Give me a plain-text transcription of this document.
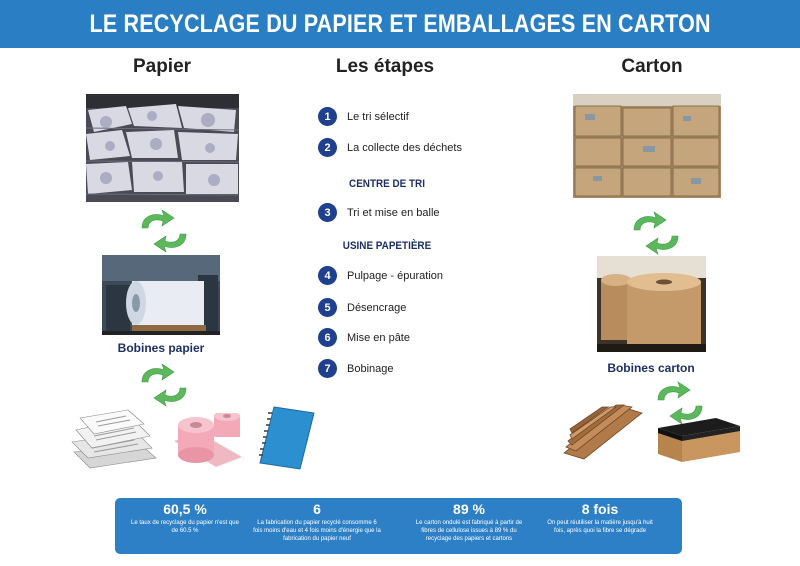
LE RECYCLAGE DU PAPIER ET EMBALLAGES EN CARTON
Papier	Les étapes	Carton
Bobines papier
1	Le tri sélectif
2	La collecte des déchets
CENTRE DE TRI
3	Tri et mise en balle
USINE PAPETIÈRE
4	Pulpage - épuration
5	Désencrage
6	Mise en pâte
7	Bobinage	Bobines carton
60,5 %
Le taux de recyclage du papier n'est que de 60.5 %
6
La fabrication du papier recyclé consomme 6 fois moins d'eau et 4 fois moins d'énergie que la fabrication du papier neuf
89 %
Le carton ondulé est fabriqué à partir de fibres de cellulose issues à 89 % du recyclage des papiers et cartons
8 fois
On peut réutiliser la matière jusqu'à huit fois, après quoi la fibre se dégrade
